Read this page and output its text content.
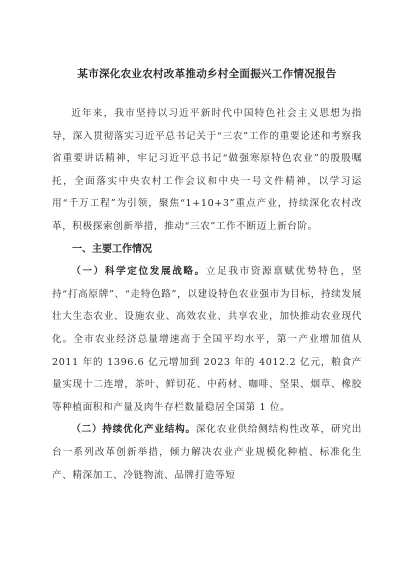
某市深化农业农村改革推动乡村全面振兴工作情况报告

近年来，我市坚持以习近平新时代中国特色社会主义思想为指导，深入贯彻落实习近平总书记关于“三农”工作的重要论述和考察我省重要讲话精神，牢记习近平总书记“做强寒原特色农业”的殷殷嘱托，全面落实中央农村工作会议和中央一号文件精神，以学习运用“千万工程”为引领，聚焦“1+10+3”重点产业，持续深化农村改革，积极探索创新举措，推动“三农”工作不断迈上新台阶。

一、主要工作情况

（一）科学定位发展战略。立足我市资源禀赋优势特色，坚持“打高原牌”、“走特色路”，以建设特色农业强市为目标，持续发展壮大生态农业、设施农业、高效农业、共享农业，加快推动农业现代化。全市农业经济总量增速高于全国平均水平，第一产业增加值从 2011 年的 1396.6 亿元增加到 2023 年的 4012.2 亿元，粮食产量实现十二连增，茶叶、鲜切花、中药材、咖啡、坚果、烟草、橡胶等种植面积和产量及肉牛存栏数量稳居全国第 1 位。

（二）持续优化产业结构。深化农业供给侧结构性改革，研究出台一系列改革创新举措，倾力解决农业产业规模化种植、标准化生产、精深加工、冷链物流、品牌打造等短
